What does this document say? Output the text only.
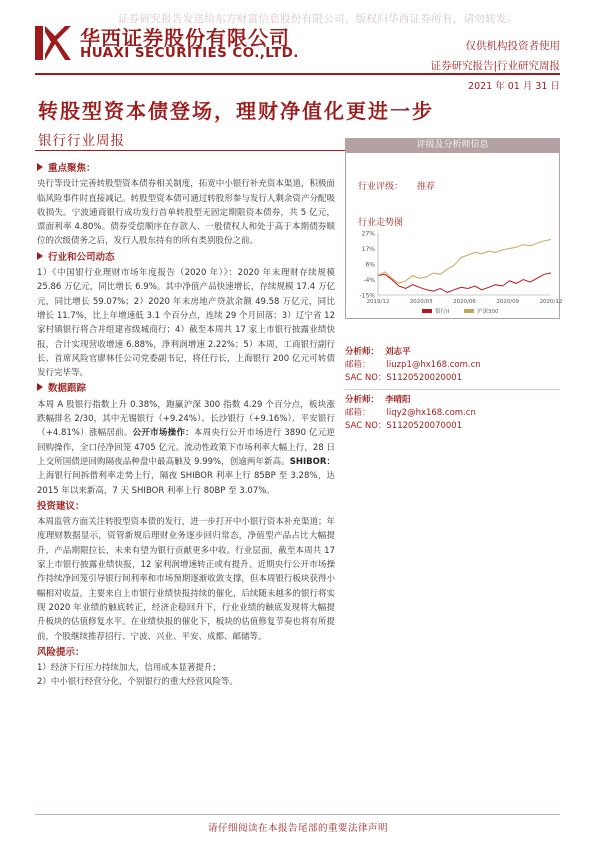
证券研究报告发送给东方财富信息股份有限公司。版权归华西证券所有，请勿转发。
华西证券股份有限公司
HUAXI SECURITIES CO.,LTD.	仅供机构投资者使用
证券研究报告|行业研究周报
2021 年 01 月 31 日
转股型资本债登场，理财净值化更进一步
银行行业周报
重点聚焦：

央行等设计完善转股型资本债券相关制度，拓宽中小银行补充资本渠道，积极面临风险事件时直接减记。转股型资本债可通过转股形参与发行人剩余资产分配吸收损失。宁波通商银行成功发行首单转股型无固定期限资本债券，共 5 亿元，票面利率 4.80%。债券受偿顺序在存款人、一般债权人和处于高于本期债券顺位的次级债务之后，发行人股东持有的所有类别股份之前。

行业和公司动态

1）《中国银行业理财市场年度报告（2020 年）》：2020 年末理财存续规模 25.86 万亿元，同比增长 6.9%。其中净值产品快速增长，存续规模 17.4 万亿元，同比增长 59.07%；2）2020 年末房地产贷款余额 49.58 万亿元，同比增长 11.7%，比上年增速低 3.1 个百分点，连续 29 个月回落；3）辽宁省 12 家村镇银行将合并组建省级城商行；4）截至本周共 17 家上市银行披露业绩快报，合计实现营收增速 6.88%，净利润增速 2.22%；5）本周，工商银行副行长、首席风险官廖林任公司党委副书记，将任行长，上海银行 200 亿元可转债发行完毕等。

数据跟踪

本周 A 股银行指数上升 0.38%，跑赢沪深 300 指数 4.29 个百分点，板块涨跌幅排名 2/30，其中无锡银行（+9.24%）、长沙银行（+9.16%）、平安银行（+4.81%）涨幅居前。公开市场操作：本周央行公开市场进行 3890 亿元逆回购操作，全口径净回笼 4705 亿元。流动性政策下市场利率大幅上行，28 日上交所国债逆回购隔夜品种盘中最高触及 9.99%，创逾两年新高。SHIBOR：上海银行间拆借利率走势上行，隔夜 SHIBOR 利率上行 85BP 至 3.28%，达 2015 年以来新高，7 天 SHIBOR 利率上行 80BP 至 3.07%。

投资建议：

本周监管方面关注转股型资本债的发行，进一步打开中小银行资本补充渠道；年度理财数据显示，资管新规后理财业务逐步回归常态，净值型产品占比大幅提升，产品期限拉长，未来有望为银行贡献更多中收。行业层面，截至本周共 17 家上市银行披露业绩快报，12 家利润增速转正或有提升。近期央行公开市场操作持续净回笼引导银行间利率和市场预期逐渐收敛支撑，但本周银行板块获得小幅相对收益，主要来自上市银行业绩快报持续的催化，后续随未越多的银行将实现 2020 年业绩的触底转正，经济企稳回升下，行业业绩的触底发现将大幅提升板块的估值修复水平。在业绩快报的催化下，板块的估值修复节奏也将有所提前，个股继续推荐招行、宁波、兴业、平安、成都、邮储等。

风险提示：

1）经济下行压力持续加大，信用成本显著提升；

2）中小银行经营分化，个别银行的重大经营风险等。

评级及分析师信息
行业评级： 推荐
行业走势图
-15%
-4%
6%
17%
27%
2019/12	2020/03	2020/06	2020/09	2020/12
银行II	沪深300
分析师： 刘志平
邮箱： liuzp1@hx168.com.cn
SAC NO：S1120520020001
分析师： 李晴阳
邮箱： liqy2@hx168.com.cn
SAC NO：S1120520070001
请仔细阅读在本报告尾部的重要法律声明
